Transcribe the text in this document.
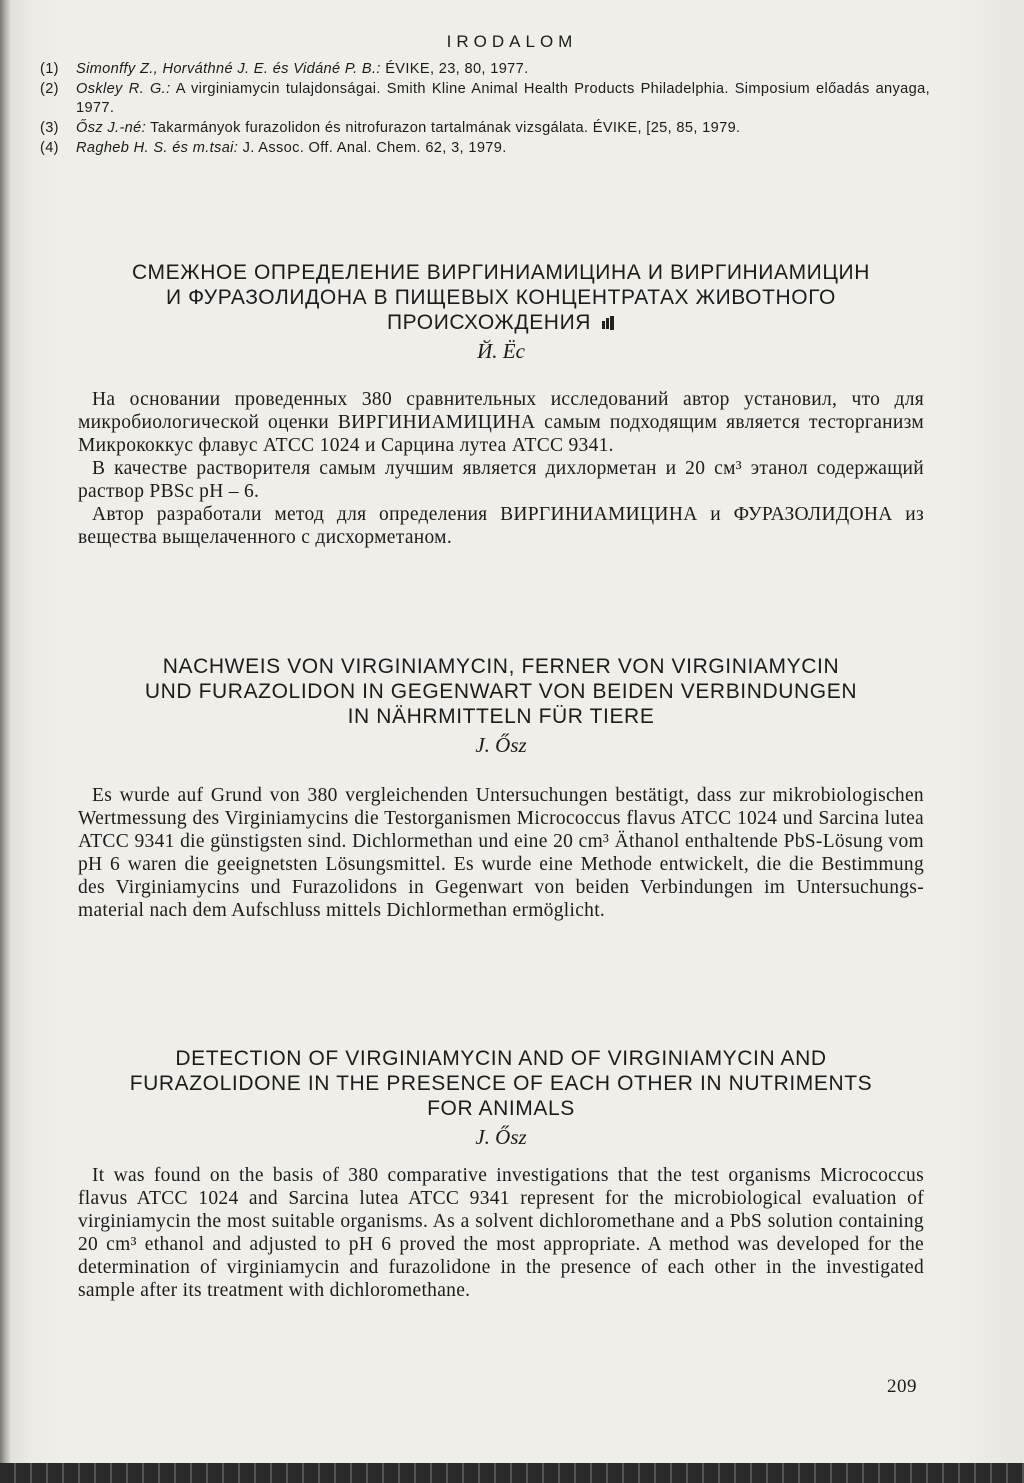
IRODALOM
(1)	Simonffy Z., Horváthné J. E. és Vidáné P. B.: ÉVIKE, 23, 80, 1977.
(2)	Oskley R. G.: A virginiamycin tulajdonságai. Smith Kline Animal Health Products Philadelphia. Simposium előadás anyaga, 1977.
(3)	Ősz J.-né: Takarmányok furazolidon és nitrofurazon tartalmának vizsgálata. ÉVIKE, [25, 85, 1979.
(4)	Ragheb H. S. és m.tsai: J. Assoc. Off. Anal. Chem. 62, 3, 1979.
СМЕЖНОЕ ОПРЕДЕЛЕНИЕ ВИРГИНИАМИЦИНА И ВИРГИНИАМИЦИН
И ФУРАЗОЛИДОНА В ПИЩЕВЫХ КОНЦЕНТРАТАХ ЖИВОТНОГО
ПРОИСХОЖДЕНИЯ
Й. Ёс

На основании проведенных 380 сравнительных исследований автор установил, что для микробиологической оценки ВИРГИНИАМИЦИНА самым подходящим является тесторганизм Микрококкус флавус АТСС 1024 и Сарцина лутеа АТСС 9341.

В качестве растворителя самым лучшим является дихлорметан и 20 см³ этанол содержащий раствор PBSc pH – 6.

Автор разработали метод для определения ВИРГИНИАМИЦИНА и ФУРАЗОЛИДОНА из вещества выщелаченного с дисхорметаном.

NACHWEIS VON VIRGINIAMYCIN, FERNER VON VIRGINIAMYCIN
UND FURAZOLIDON IN GEGENWART VON BEIDEN VERBINDUNGEN
IN NÄHRMITTELN FÜR TIERE
J. Ősz

Es wurde auf Grund von 380 vergleichenden Untersuchungen bestätigt, dass zur mikrobiologischen Wertmessung des Virginiamycins die Testorganismen Micrococcus flavus ATCC 1024 und Sarcina lutea ATCC 9341 die günstigsten sind. Dichlormethan und eine 20 cm³ Äthanol enthaltende PbS-Lösung vom pH 6 waren die geeignetsten Lösungsmittel. Es wurde eine Methode entwickelt, die die Bestimmung des Virginiamycins und Furazolidons in Gegenwart von beiden Verbindungen im Untersuchungs-material nach dem Aufschluss mittels Dichlormethan ermöglicht.

DETECTION OF VIRGINIAMYCIN AND OF VIRGINIAMYCIN AND
FURAZOLIDONE IN THE PRESENCE OF EACH OTHER IN NUTRIMENTS
FOR ANIMALS
J. Ősz

It was found on the basis of 380 comparative investigations that the test organisms Micrococcus flavus ATCC 1024 and Sarcina lutea ATCC 9341 represent for the microbiological evaluation of virginiamycin the most suitable organisms. As a solvent dichloromethane and a PbS solution containing 20 cm³ ethanol and adjusted to pH 6 proved the most appropriate. A method was developed for the determination of virginiamycin and furazolidone in the presence of each other in the investigated sample after its treatment with dichloromethane.

209
